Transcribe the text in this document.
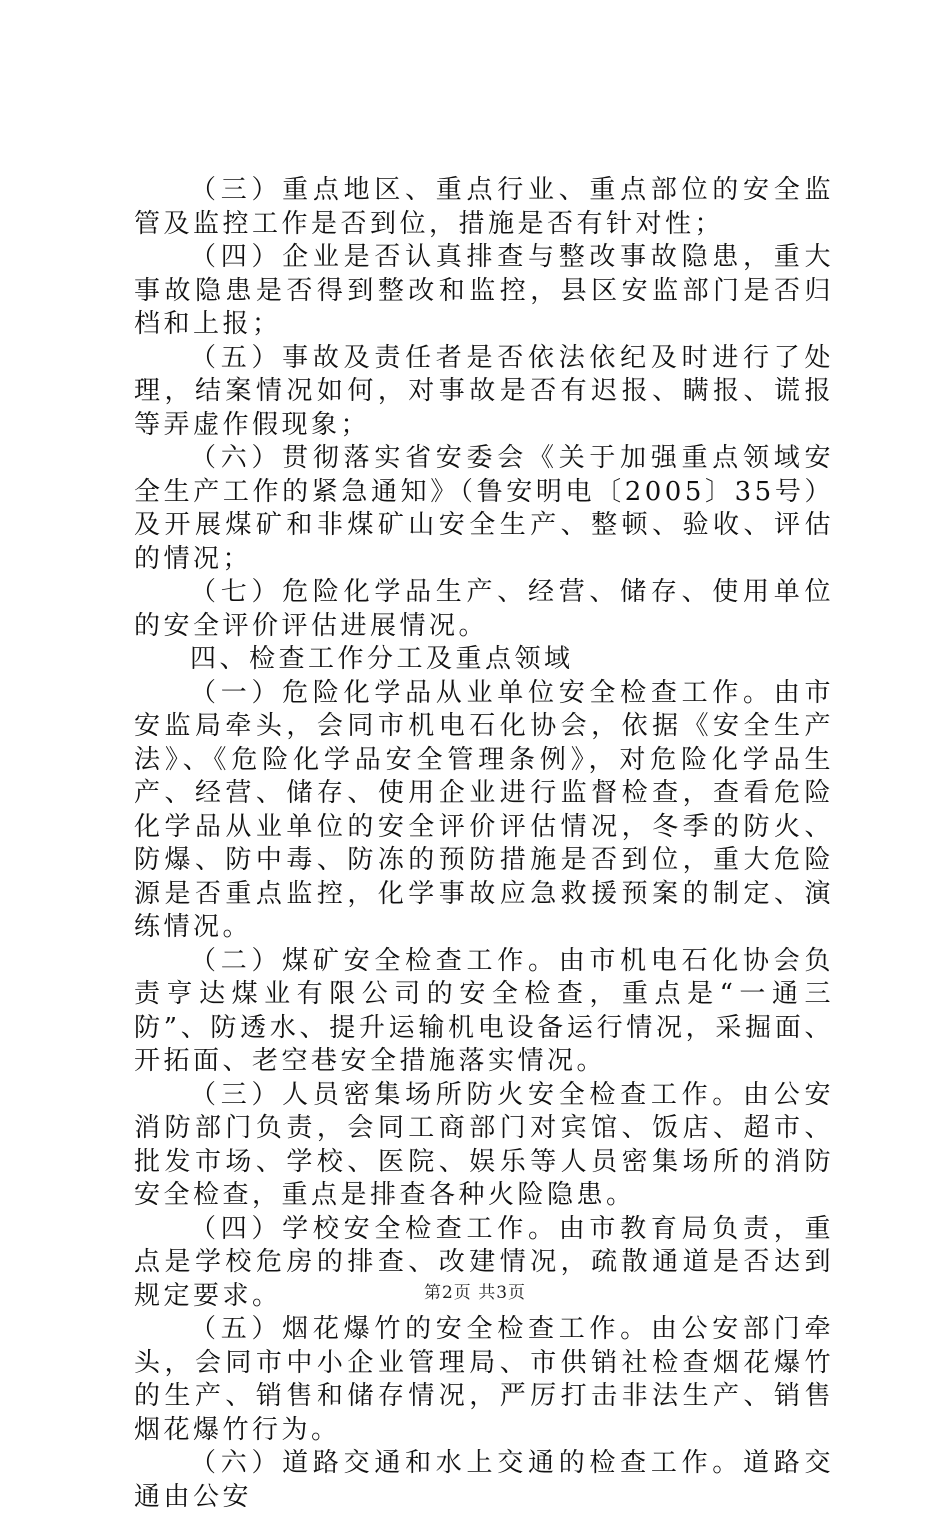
（三）重点地区、重点行业、重点部位的安全监管及监控工作是否到位，措施是否有针对性；

（四）企业是否认真排查与整改事故隐患，重大事故隐患是否得到整改和监控，县区安监部门是否归档和上报；

（五）事故及责任者是否依法依纪及时进行了处理，结案情况如何，对事故是否有迟报、瞒报、谎报等弄虚作假现象；

（六）贯彻落实省安委会《关于加强重点领域安全生产工作的紧急通知》（鲁安明电〔2005〕35号）及开展煤矿和非煤矿山安全生产、整顿、验收、评估的情况；

（七）危险化学品生产、经营、储存、使用单位的安全评价评估进展情况。

四、检查工作分工及重点领域

（一）危险化学品从业单位安全检查工作。由市安监局牵头，会同市机电石化协会，依据《安全生产法》、《危险化学品安全管理条例》，对危险化学品生产、经营、储存、使用企业进行监督检查，查看危险化学品从业单位的安全评价评估情况，冬季的防火、防爆、防中毒、防冻的预防措施是否到位，重大危险源是否重点监控，化学事故应急救援预案的制定、演练情况。

（二）煤矿安全检查工作。由市机电石化协会负责亨达煤业有限公司的安全检查，重点是“一通三防”、防透水、提升运输机电设备运行情况，采掘面、开拓面、老空巷安全措施落实情况。

（三）人员密集场所防火安全检查工作。由公安消防部门负责，会同工商部门对宾馆、饭店、超市、批发市场、学校、医院、娱乐等人员密集场所的消防安全检查，重点是排查各种火险隐患。

（四）学校安全检查工作。由市教育局负责，重点是学校危房的排查、改建情况，疏散通道是否达到规定要求。

（五）烟花爆竹的安全检查工作。由公安部门牵头，会同市中小企业管理局、市供销社检查烟花爆竹的生产、销售和储存情况，严厉打击非法生产、销售烟花爆竹行为。

（六）道路交通和水上交通的检查工作。道路交通由公安

第2页 共3页
